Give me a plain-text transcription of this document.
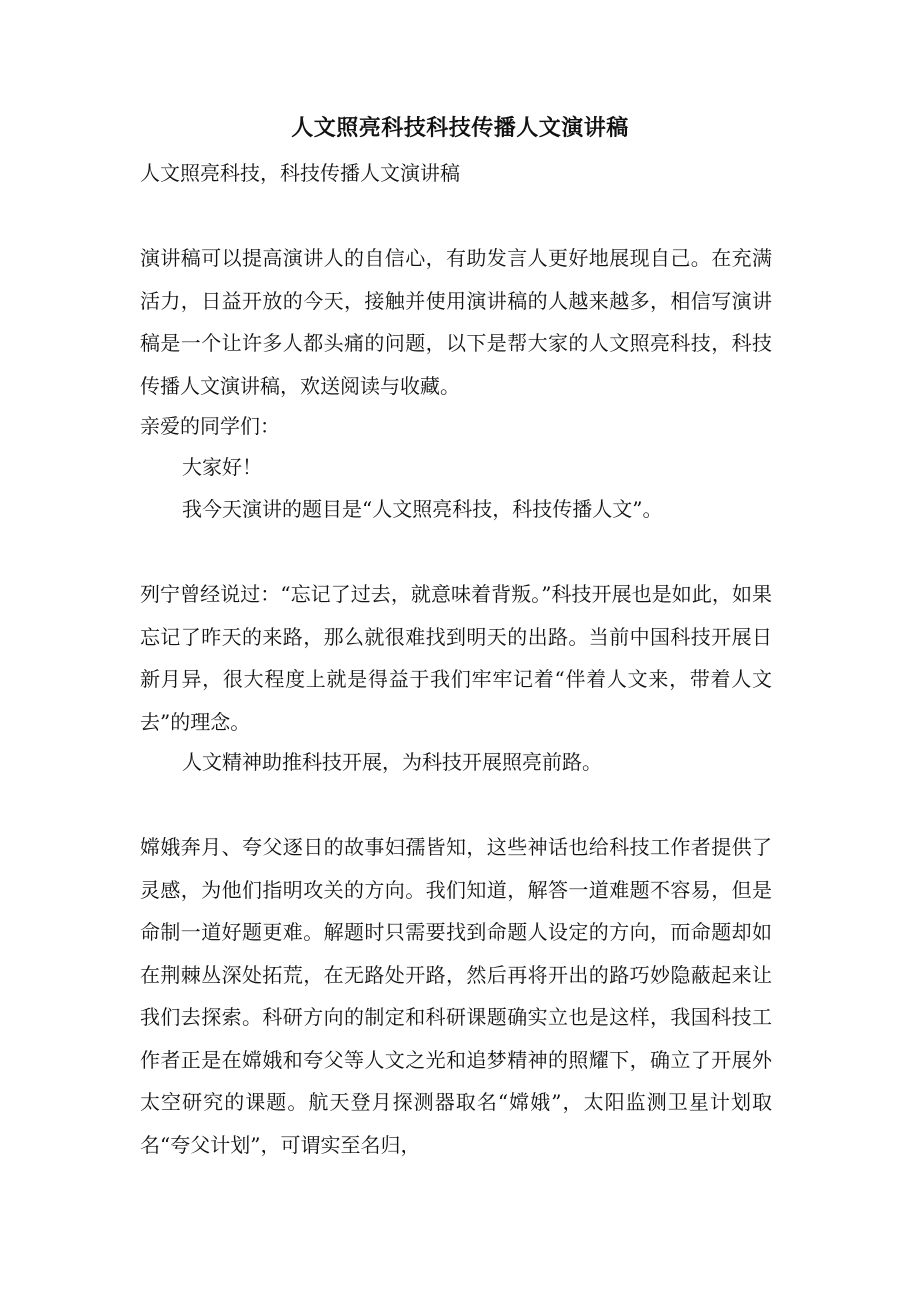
人文照亮科技科技传播人文演讲稿
人文照亮科技，科技传播人文演讲稿
演讲稿可以提高演讲人的自信心，有助发言人更好地展现自己。在充满活力，日益开放的今天，接触并使用演讲稿的人越来越多，相信写演讲稿是一个让许多人都头痛的问题，以下是帮大家的人文照亮科技，科技传播人文演讲稿，欢送阅读与收藏。
亲爱的同学们：
大家好！
我今天演讲的题目是“人文照亮科技，科技传播人文”。
列宁曾经说过：“忘记了过去，就意味着背叛。”科技开展也是如此，如果忘记了昨天的来路，那么就很难找到明天的出路。当前中国科技开展日新月异，很大程度上就是得益于我们牢牢记着“伴着人文来，带着人文去”的理念。
人文精神助推科技开展，为科技开展照亮前路。
嫦娥奔月、夸父逐日的故事妇孺皆知，这些神话也给科技工作者提供了灵感，为他们指明攻关的方向。我们知道，解答一道难题不容易，但是命制一道好题更难。解题时只需要找到命题人设定的方向，而命题却如在荆棘丛深处拓荒，在无路处开路，然后再将开出的路巧妙隐蔽起来让我们去探索。科研方向的制定和科研课题确实立也是这样，我国科技工作者正是在嫦娥和夸父等人文之光和追梦精神的照耀下，确立了开展外太空研究的课题。航天登月探测器取名“嫦娥”，太阳监测卫星计划取名“夸父计划”，可谓实至名归，
